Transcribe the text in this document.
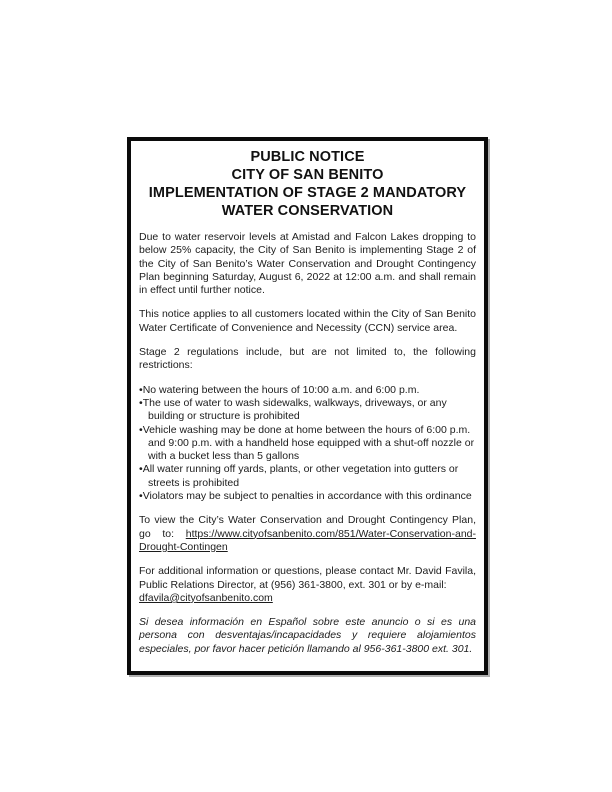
PUBLIC NOTICE
CITY OF SAN BENITO
IMPLEMENTATION OF STAGE 2 MANDATORY
WATER CONSERVATION

Due to water reservoir levels at Amistad and Falcon Lakes dropping to below 25% capacity, the City of San Benito is implementing Stage 2 of the City of San Benito’s Water Conservation and Drought Contingency Plan beginning Saturday, August 6, 2022 at 12:00 a.m. and shall remain in effect until further notice.

This notice applies to all customers located within the City of San Benito Water Certificate of Convenience and Necessity (CCN) service area.

Stage 2 regulations include, but are not limited to, the following restrictions:

• No watering between the hours of 10:00 a.m. and 6:00 p.m.
• The use of water to wash sidewalks, walkways, driveways, or any building or structure is prohibited
• Vehicle washing may be done at home between the hours of 6:00 p.m. and 9:00 p.m. with a handheld hose equipped with a shut-off nozzle or with a bucket less than 5 gallons
• All water running off yards, plants, or other vegetation into gutters or streets is prohibited
• Violators may be subject to penalties in accordance with this ordinance

To view the City’s Water Conservation and Drought Contingency Plan, go to: https://www.cityofsanbenito.com/851/Water-Conservation-and-Drought-Contingen

For additional information or questions, please contact Mr. David Favila, Public Relations Director, at (956) 361-3800, ext. 301 or by e-mail:
dfavila@cityofsanbenito.com

Si desea información en Español sobre este anuncio o si es una persona con desventajas/incapacidades y requiere alojamientos especiales, por favor hacer petición llamando al 956-361-3800 ext. 301.
